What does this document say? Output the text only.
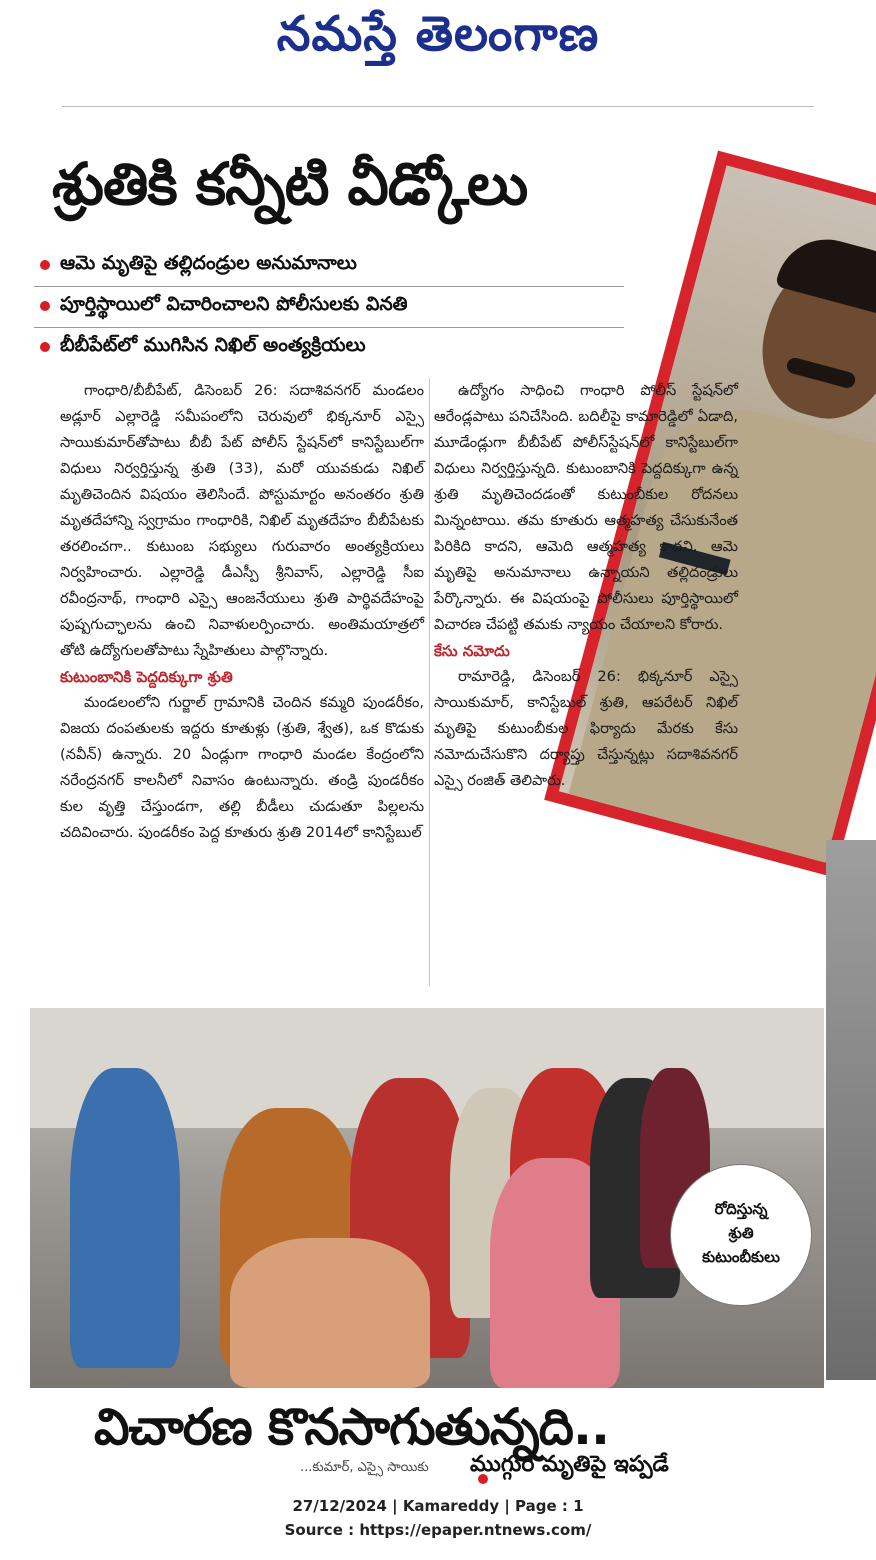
నమస్తే తెలంగాణ
శ్రుతికి కన్నీటి వీడ్కోలు
ఆమె మృతిపై తల్లిదండ్రుల అనుమానాలు
పూర్తిస్థాయిలో విచారించాలని పోలీసులకు వినతి
బీబీపేట్‌లో ముగిసిన నిఖిల్ అంత్యక్రియలు

గాంధారి/బీబీపేట్, డిసెంబర్ 26: సదాశివనగర్ మండలం అడ్లూర్ ఎల్లారెడ్డి సమీపంలోని చెరువులో భిక్కనూర్ ఎస్సై సాయికుమార్‌తోపాటు బీబీ పేట్ పోలీస్ స్టేషన్‌లో కానిస్టేబుల్‌గా విధులు నిర్వర్తిస్తున్న శ్రుతి (33), మరో యువకుడు నిఖిల్ మృతిచెందిన విషయం తెలిసిందే. పోస్టుమార్టం అనంతరం శ్రుతి మృతదేహాన్ని స్వగ్రామం గాంధారికి, నిఖిల్ మృతదేహం బీబీపేటకు తరలించగా.. కుటుంబ సభ్యులు గురువారం అంత్యక్రియలు నిర్వహించారు. ఎల్లారెడ్డి డీఎస్పీ శ్రీనివాస్, ఎల్లారెడ్డి సీఐ రవీంద్రనాథ్, గాంధారి ఎస్సై ఆంజనేయులు శ్రుతి పార్థివదేహంపై పుష్పగుచ్ఛాలను ఉంచి నివాళులర్పించారు. అంతిమయాత్రలో తోటి ఉద్యోగులతోపాటు స్నేహితులు పాల్గొన్నారు.

కుటుంబానికి పెద్దదిక్కుగా శ్రుతి

మండలంలోని గుర్జాల్ గ్రామానికి చెందిన కమ్మరి పుండరీకం, విజయ దంపతులకు ఇద్దరు కూతుళ్లు (శ్రుతి, శ్వేత), ఒక కొడుకు (నవీన్) ఉన్నారు. 20 ఏండ్లుగా గాంధారి మండల కేంద్రంలోని నరేంద్రనగర్ కాలనీలో నివాసం ఉంటున్నారు. తండ్రి పుండరీకం కుల వృత్తి చేస్తుండగా, తల్లి బీడీలు చుడుతూ పిల్లలను చదివించారు. పుండరీకం పెద్ద కూతురు శ్రుతి 2014లో కానిస్టేబుల్

ఉద్యోగం సాధించి గాంధారి పోలీస్ స్టేషన్‌లో ఆరేండ్లపాటు పనిచేసింది. బదిలీపై కామారెడ్డిలో ఏడాది, మూడేండ్లుగా బీబీపేట్ పోలీస్‌స్టేషన్‌లో కానిస్టేబుల్‌గా విధులు నిర్వర్తిస్తున్నది. కుటుంబానికి పెద్దదిక్కుగా ఉన్న శ్రుతి మృతిచెందడంతో కుటుంబీకుల రోదనలు మిన్నంటాయి. తమ కూతురు ఆత్మహత్య చేసుకునేంత పిరికిది కాదని, ఆమెది ఆత్మహత్య కాదని, ఆమె మృతిపై అనుమానాలు ఉన్నాయని తల్లిదండ్రులు పేర్కొన్నారు. ఈ విషయంపై పోలీసులు పూర్తిస్థాయిలో విచారణ చేపట్టి తమకు న్యాయం చేయాలని కోరారు.

కేసు నమోదు

రామారెడ్డి, డిసెంబర్ 26: భిక్కనూర్ ఎస్సై సాయికుమార్, కానిస్టేబుల్ శ్రుతి, ఆపరేటర్ నిఖిల్ మృతిపై కుటుంబీకుల ఫిర్యాదు మేరకు కేసు నమోదుచేసుకొని దర్యాప్తు చేస్తున్నట్లు సదాశివనగర్ ఎస్సై రంజిత్ తెలిపారు.

రోదిస్తున్న
శ్రుతి
కుటుంబీకులు
విచారణ కొనసాగుతున్నది..
...కుమార్, ఎస్సై సాయికు ముగ్గురి మృతిపై ఇప్పడే
27/12/2024 | Kamareddy | Page : 1
Source : https://epaper.ntnews.com/
